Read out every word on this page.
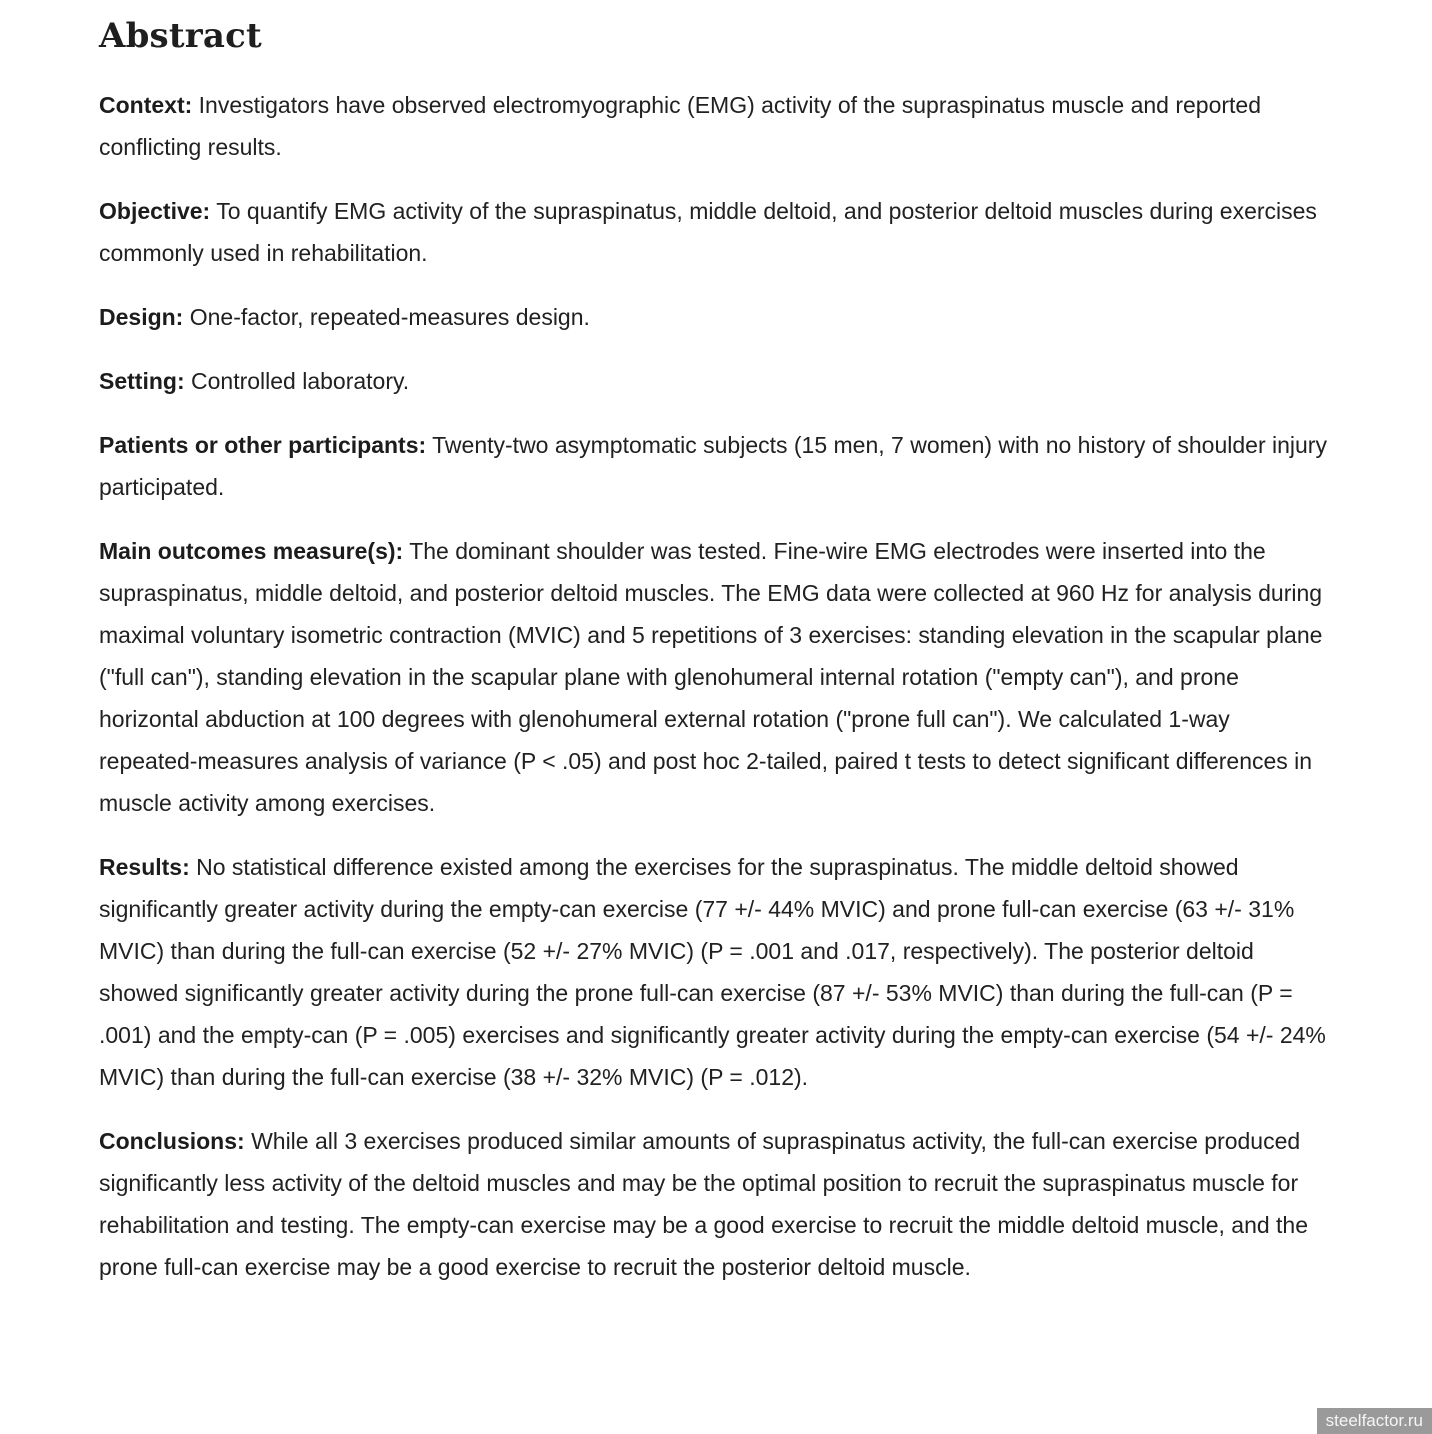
Abstract

Context: Investigators have observed electromyographic (EMG) activity of the supraspinatus muscle and reported conflicting results.

Objective: To quantify EMG activity of the supraspinatus, middle deltoid, and posterior deltoid muscles during exercises commonly used in rehabilitation.

Design: One-factor, repeated-measures design.

Setting: Controlled laboratory.

Patients or other participants: Twenty-two asymptomatic subjects (15 men, 7 women) with no history of shoulder injury participated.

Main outcomes measure(s): The dominant shoulder was tested. Fine-wire EMG electrodes were inserted into the supraspinatus, middle deltoid, and posterior deltoid muscles. The EMG data were collected at 960 Hz for analysis during maximal voluntary isometric contraction (MVIC) and 5 repetitions of 3 exercises: standing elevation in the scapular plane ("full can"), standing elevation in the scapular plane with glenohumeral internal rotation ("empty can"), and prone horizontal abduction at 100 degrees with glenohumeral external rotation ("prone full can"). We calculated 1-way repeated-measures analysis of variance (P < .05) and post hoc 2-tailed, paired t tests to detect significant differences in muscle activity among exercises.

Results: No statistical difference existed among the exercises for the supraspinatus. The middle deltoid showed significantly greater activity during the empty-can exercise (77 +/- 44% MVIC) and prone full-can exercise (63 +/- 31% MVIC) than during the full-can exercise (52 +/- 27% MVIC) (P = .001 and .017, respectively). The posterior deltoid showed significantly greater activity during the prone full-can exercise (87 +/- 53% MVIC) than during the full-can (P = .001) and the empty-can (P = .005) exercises and significantly greater activity during the empty-can exercise (54 +/- 24% MVIC) than during the full-can exercise (38 +/- 32% MVIC) (P = .012).

Conclusions: While all 3 exercises produced similar amounts of supraspinatus activity, the full-can exercise produced significantly less activity of the deltoid muscles and may be the optimal position to recruit the supraspinatus muscle for rehabilitation and testing. The empty-can exercise may be a good exercise to recruit the middle deltoid muscle, and the prone full-can exercise may be a good exercise to recruit the posterior deltoid muscle.

steelfactor.ru
